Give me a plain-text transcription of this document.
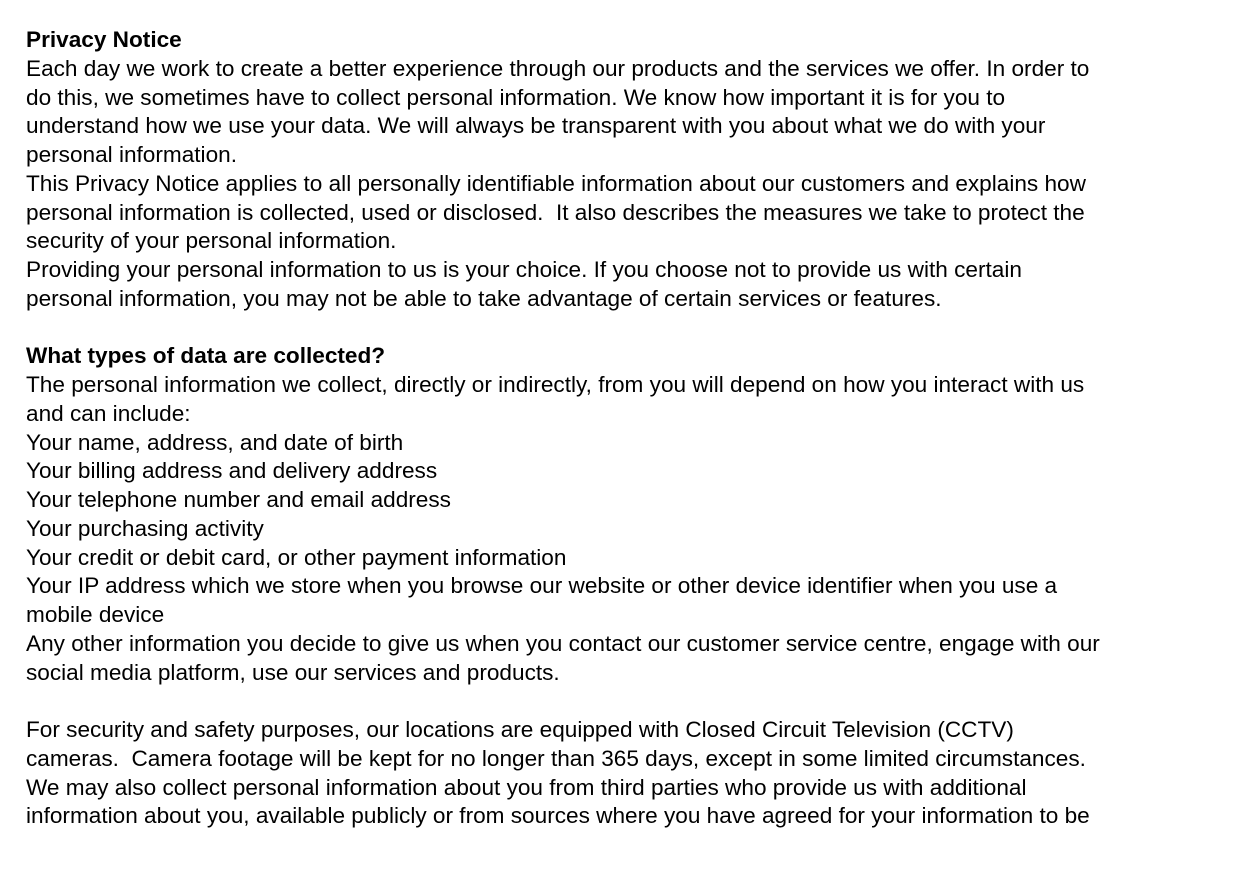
Privacy Notice
Each day we work to create a better experience through our products and the services we offer. In order to
do this, we sometimes have to collect personal information. We know how important it is for you to
understand how we use your data. We will always be transparent with you about what we do with your
personal information.
This Privacy Notice applies to all personally identifiable information about our customers and explains how
personal information is collected, used or disclosed.  It also describes the measures we take to protect the
security of your personal information.
Providing your personal information to us is your choice. If you choose not to provide us with certain
personal information, you may not be able to take advantage of certain services or features.
What types of data are collected?
The personal information we collect, directly or indirectly, from you will depend on how you interact with us
and can include:
Your name, address, and date of birth
Your billing address and delivery address
Your telephone number and email address
Your purchasing activity
Your credit or debit card, or other payment information
Your IP address which we store when you browse our website or other device identifier when you use a
mobile device
Any other information you decide to give us when you contact our customer service centre, engage with our
social media platform, use our services and products.
For security and safety purposes, our locations are equipped with Closed Circuit Television (CCTV)
cameras.  Camera footage will be kept for no longer than 365 days, except in some limited circumstances.
We may also collect personal information about you from third parties who provide us with additional
information about you, available publicly or from sources where you have agreed for your information to be
